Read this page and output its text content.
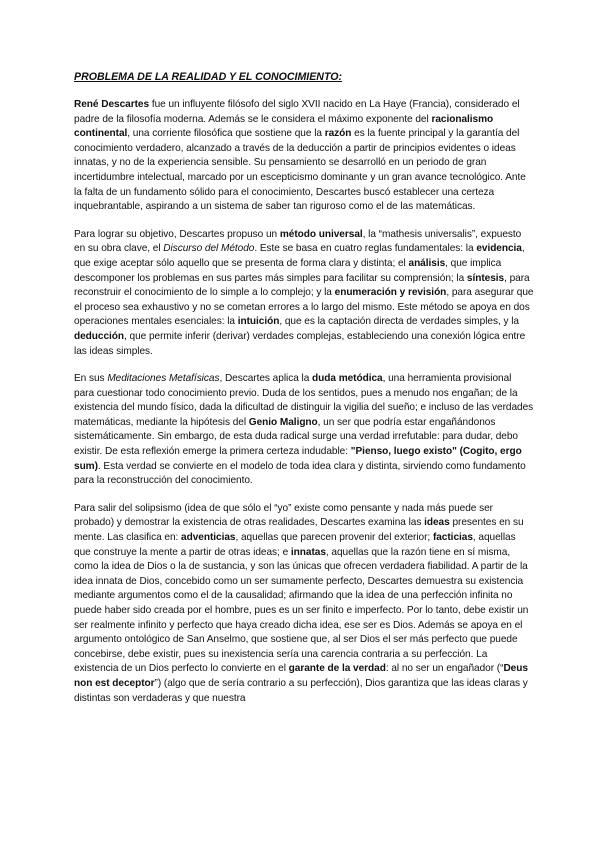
PROBLEMA DE LA REALIDAD Y EL CONOCIMIENTO:

René Descartes fue un influyente filósofo del siglo XVII nacido en La Haye (Francia), considerado el padre de la filosofía moderna. Además se le considera el máximo exponente del racionalismo continental, una corriente filosófica que sostiene que la razón es la fuente principal y la garantía del conocimiento verdadero, alcanzado a través de la deducción a partir de principios evidentes o ideas innatas, y no de la experiencia sensible. Su pensamiento se desarrolló en un periodo de gran incertidumbre intelectual, marcado por un escepticismo dominante y un gran avance tecnológico. Ante la falta de un fundamento sólido para el conocimiento, Descartes buscó establecer una certeza inquebrantable, aspirando a un sistema de saber tan riguroso como el de las matemáticas.

Para lograr su objetivo, Descartes propuso un método universal, la “mathesis universalis”, expuesto en su obra clave, el Discurso del Método. Este se basa en cuatro reglas fundamentales: la evidencia, que exige aceptar sólo aquello que se presenta de forma clara y distinta; el análisis, que implica descomponer los problemas en sus partes más simples para facilitar su comprensión; la síntesis, para reconstruir el conocimiento de lo simple a lo complejo; y la enumeración y revisión, para asegurar que el proceso sea exhaustivo y no se cometan errores a lo largo del mismo. Este método se apoya en dos operaciones mentales esenciales: la intuición, que es la captación directa de verdades simples, y la deducción, que permite inferir (derivar) verdades complejas, estableciendo una conexión lógica entre las ideas simples.

En sus Meditaciones Metafísicas, Descartes aplica la duda metódica, una herramienta provisional para cuestionar todo conocimiento previo. Duda de los sentidos, pues a menudo nos engañan; de la existencia del mundo físico, dada la dificultad de distinguir la vigilia del sueño; e incluso de las verdades matemáticas, mediante la hipótesis del Genio Maligno, un ser que podría estar engañándonos sistemáticamente. Sin embargo, de esta duda radical surge una verdad irrefutable: para dudar, debo existir. De esta reflexión emerge la primera certeza indudable: "Pienso, luego existo" (Cogito, ergo sum). Esta verdad se convierte en el modelo de toda idea clara y distinta, sirviendo como fundamento para la reconstrucción del conocimiento.

Para salir del solipsismo (idea de que sólo el “yo” existe como pensante y nada más puede ser probado) y demostrar la existencia de otras realidades, Descartes examina las ideas presentes en su mente. Las clasifica en: adventicias, aquellas que parecen provenir del exterior; facticias, aquellas que construye la mente a partir de otras ideas; e innatas, aquellas que la razón tiene en sí misma, como la idea de Dios o la de sustancia, y son las únicas que ofrecen verdadera fiabilidad. A partir de la idea innata de Dios, concebido como un ser sumamente perfecto, Descartes demuestra su existencia mediante argumentos como el de la causalidad; afirmando que la idea de una perfección infinita no puede haber sido creada por el hombre, pues es un ser finito e imperfecto. Por lo tanto, debe existir un ser realmente infinito y perfecto que haya creado dicha idea, ese ser es Dios. Además se apoya en el argumento ontológico de San Anselmo, que sostiene que, al ser Dios el ser más perfecto que puede concebirse, debe existir, pues su inexistencia sería una carencia contraria a su perfección. La existencia de un Dios perfecto lo convierte en el garante de la verdad: al no ser un engañador (“Deus non est deceptor”) (algo que de sería contrario a su perfección), Dios garantiza que las ideas claras y distintas son verdaderas y que nuestra
